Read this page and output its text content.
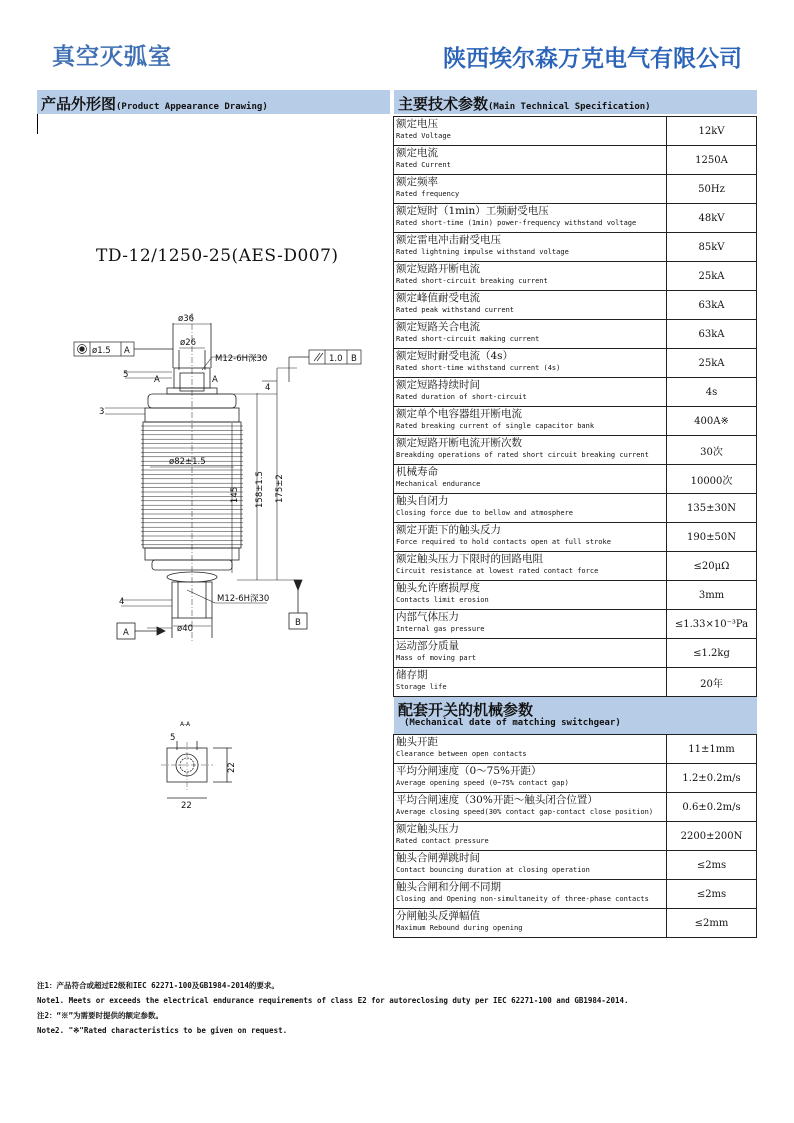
真空灭弧室	陕西埃尔森万克电气有限公司
产品外形图(Product Appearance Drawing)	主要技术参数(Main Technical Specification)
TD-12/1250-25(AES-D007)
ø36
ø26
M12-6H深30
ø82±1.5
ø40
M12-6H深30
145 158±1.5 175±2
5
3
4
4
ø1.5 A
1.0 B
A	A
A
B
A-A
5
22
22
额定电压
Rated Voltage	12kV

额定电流
Rated Current	1250A

额定频率
Rated frequency	50Hz

额定短时（1min）工频耐受电压
Rated short-time (1min) power-frequency withstand voltage	48kV

额定雷电冲击耐受电压
Rated lightning impulse withstand voltage	85kV

额定短路开断电流
Rated short-circuit breaking current	25kA

额定峰值耐受电流
Rated peak withstand current	63kA

额定短路关合电流
Rated short-circuit making current	63kA

额定短时耐受电流（4s）
Rated short-time withstand current (4s)	25kA

额定短路持续时间
Rated duration of short-circuit	4s

额定单个电容器组开断电流
Rated breaking current of single capacitor bank	400A※

额定短路开断电流开断次数
Breakding operations of rated short circuit breaking current	30次

机械寿命
Mechanical endurance	10000次

触头自闭力
Closing force due to bellow and atmosphere	135±30N

额定开距下的触头反力
Force required to hold contacts open at full stroke	190±50N

额定触头压力下限时的回路电阻
Circuit resistance at lowest rated contact force	≤20μΩ

触头允许磨损厚度
Contacts limit erosion	3mm

内部气体压力
Internal gas pressure	≤1.33×10⁻³Pa

运动部分质量
Mass of moving part	≤1.2kg

储存期
Storage life	20年
配套开关的机械参数
(Mechanical date of matching switchgear)
触头开距
Clearance between open contacts	11±1mm

平均分闸速度（0～75%开距）
Average opening speed (0~75% contact gap)	1.2±0.2m/s

平均合闸速度（30%开距～触头闭合位置）
Average closing speed(30% contact gap-contact close position)	0.6±0.2m/s

额定触头压力
Rated contact pressure	2200±200N

触头合闸弹跳时间
Contact bouncing duration at closing operation	≤2ms

触头合闸和分闸不同期
Closing and Opening non-simultaneity of three-phase contacts	≤2ms

分闸触头反弹幅值
Maximum Rebound during opening	≤2mm
注1：产品符合或超过E2级和IEC 62271-100及GB1984-2014的要求。
Note1. Meets or exceeds the electrical endurance requirements of class E2 for autoreclosing duty per IEC 62271-100 and GB1984-2014.
注2：“※”为需要时提供的额定参数。
Note2. "※"Rated characteristics to be given on request.
